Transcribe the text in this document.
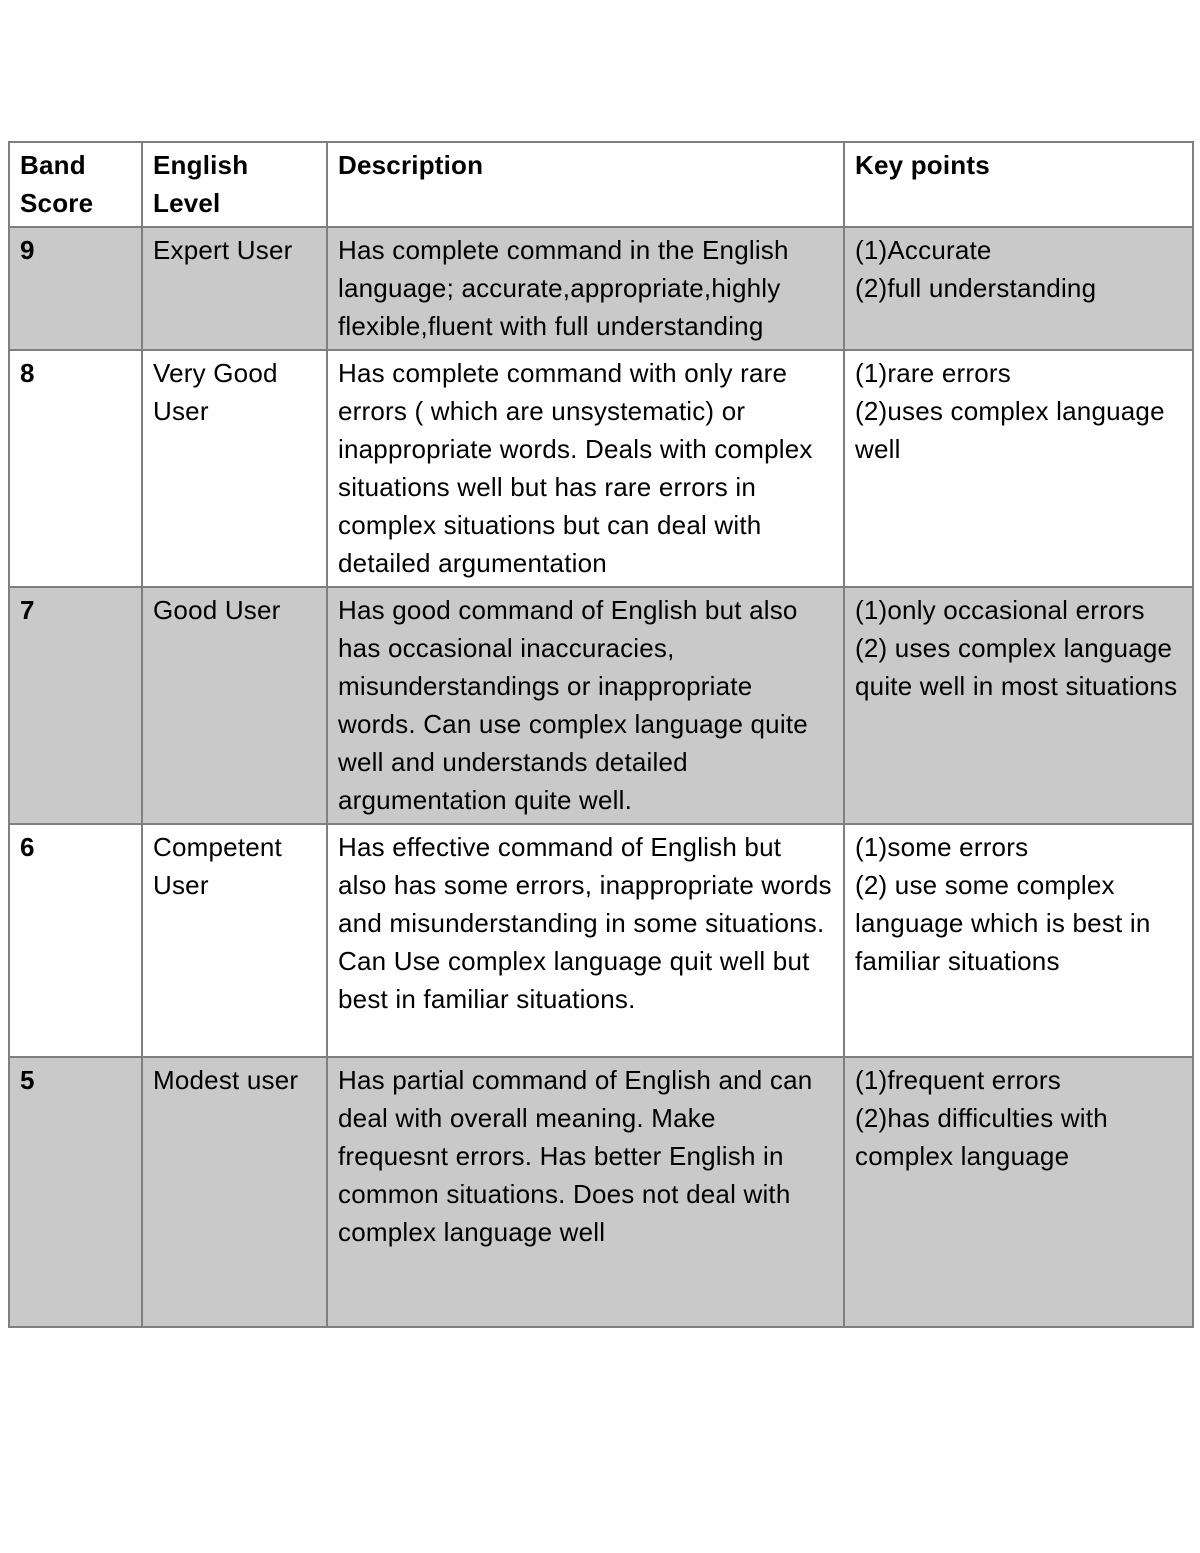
Band Score	English Level	Description	Key points
9	Expert User	Has complete command in the English language; accurate,appropriate,highly flexible,fluent with full understanding	(1)Accurate
(2)full understanding

8	Very Good User	Has complete command with only rare errors ( which are unsystematic) or inappropriate words. Deals with complex situations well but has rare errors in complex situations but can deal with detailed argumentation	(1)rare errors
(2)uses complex language well

7	Good User	Has good command of English but also has occasional inaccuracies, misunderstandings or inappropriate words. Can use complex language quite well and understands detailed argumentation quite well.	(1)only occasional errors
(2) uses complex language quite well in most situations

6	Competent User	Has effective command of English but also has some errors, inappropriate words and misunderstanding in some situations. Can Use complex language quit well but best in familiar situations.	(1)some errors
(2) use some complex language which is best in familiar situations

5	Modest user	Has partial command of English and can deal with overall meaning. Make frequesnt errors. Has better English in common situations. Does not deal with complex language well	(1)frequent errors
(2)has difficulties with complex language
